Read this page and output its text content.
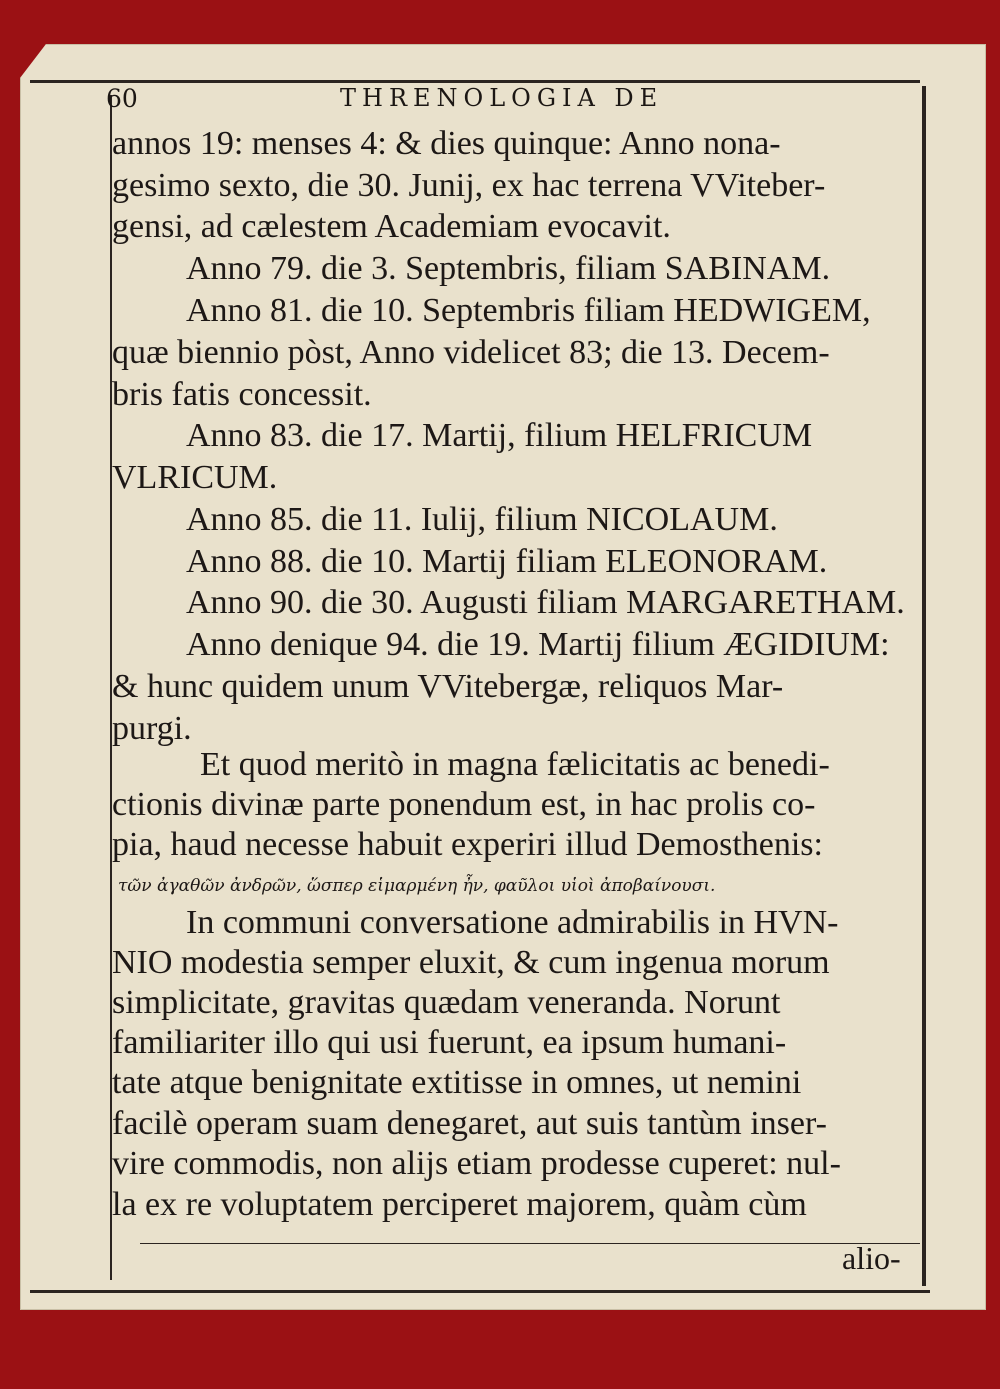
60	THRENOLOGIA DE
annos 19: menses 4: & dies quinque: Anno nona-
gesimo sexto, die 30. Junij, ex hac terrena VViteber-
gensi, ad cælestem Academiam evocavit.
Anno 79. die 3. Septembris, filiam SABINAM.
Anno 81. die 10. Septembris filiam HEDWIGEM,
quæ biennio pòst, Anno videlicet 83; die 13. Decem-
bris fatis concessit.
Anno 83. die 17. Martij, filium HELFRICUM
VLRICUM.
Anno 85. die 11. Iulij, filium NICOLAUM.
Anno 88. die 10. Martij filiam ELEONORAM.
Anno 90. die 30. Augusti filiam MARGARETHAM.
Anno denique 94. die 19. Martij filium ÆGIDIUM:
& hunc quidem unum VVitebergæ, reliquos Mar-
purgi.
Et quod meritò in magna fælicitatis ac benedi-
ctionis divinæ parte ponendum est, in hac prolis co-
pia, haud necesse habuit experiri illud Demosthenis:
τῶν ἀγαθῶν ἀνδρῶν, ὥσπερ εἱμαρμένη ἦν, φαῦλοι υἱοὶ ἀποβαίνουσι.
In communi conversatione admirabilis in HVN-
NIO modestia semper eluxit, & cum ingenua morum
simplicitate, gravitas quædam veneranda. Norunt
familiariter illo qui usi fuerunt, ea ipsum humani-
tate atque benignitate extitisse in omnes, ut nemini
facilè operam suam denegaret, aut suis tantùm inser-
vire commodis, non alijs etiam prodesse cuperet: nul-
la ex re voluptatem perciperet majorem, quàm cùm
alio-
